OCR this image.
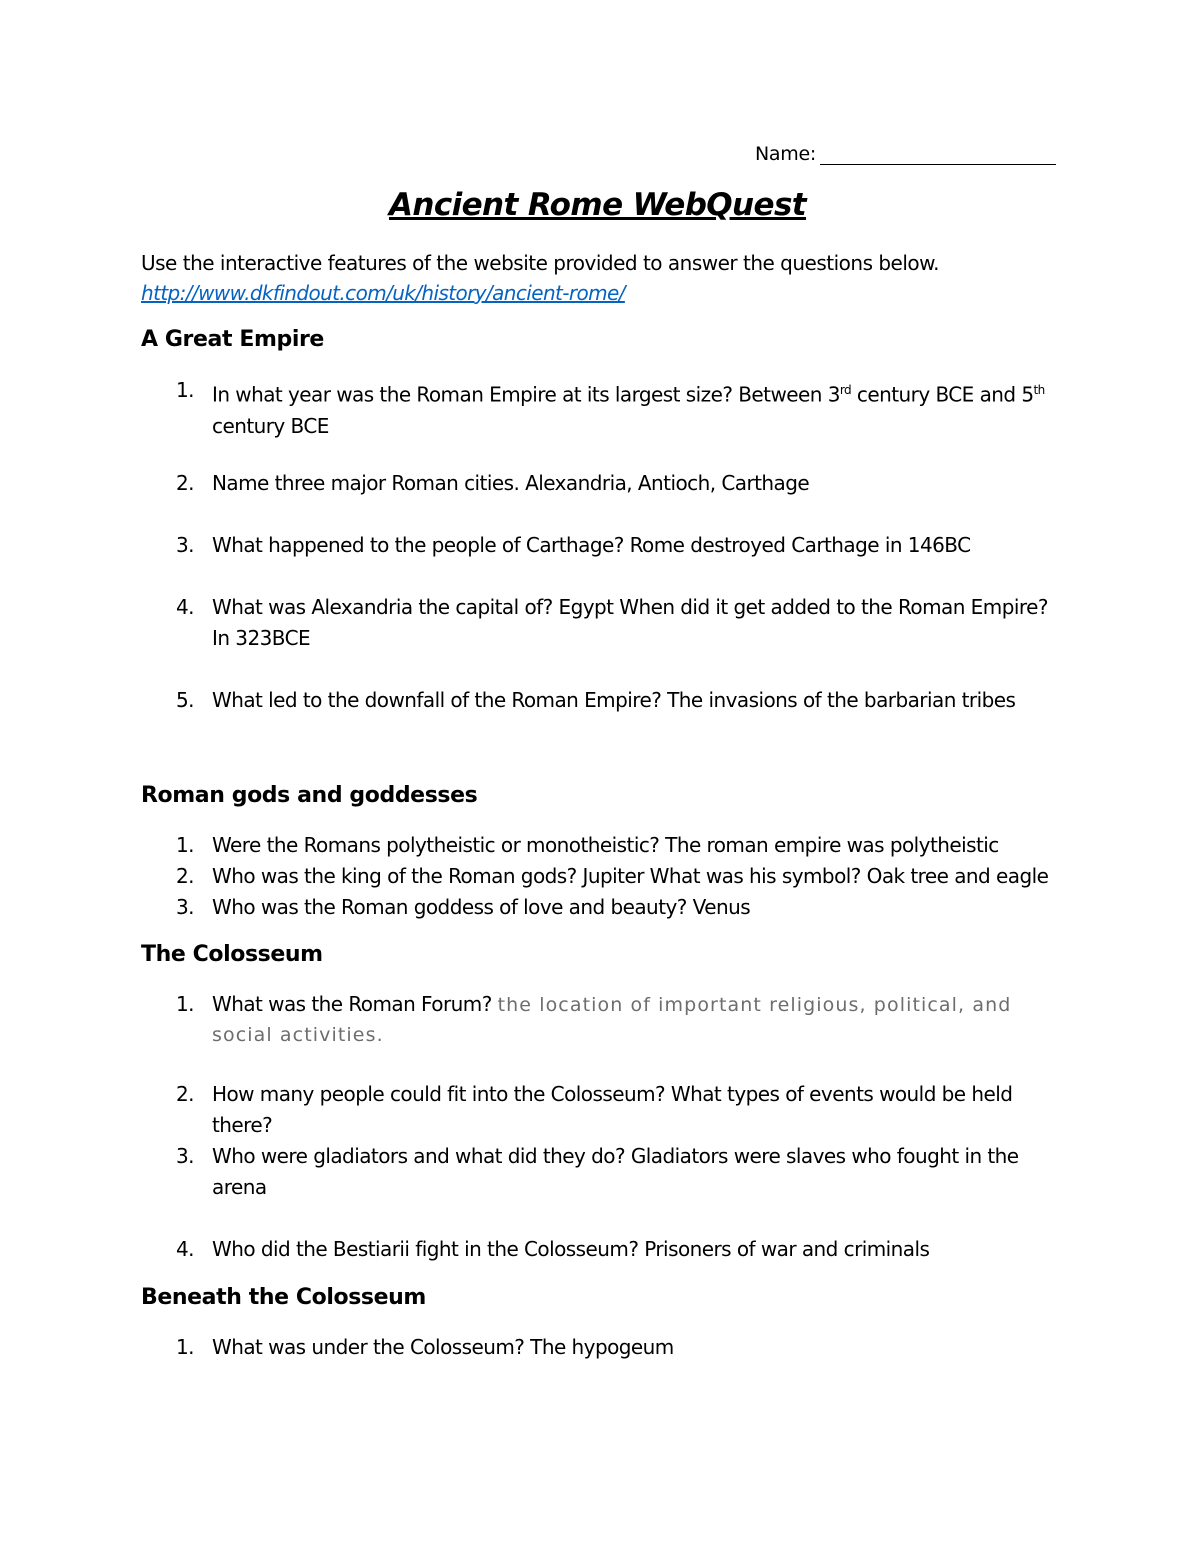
Name:
Ancient Rome WebQuest
Use the interactive features of the website provided to answer the questions below.
http://www.dkfindout.com/uk/history/ancient-rome/
A Great Empire
1. In what year was the Roman Empire at its largest size? Between 3rd century BCE and 5th century BCE
2. Name three major Roman cities. Alexandria, Antioch, Carthage
3. What happened to the people of Carthage? Rome destroyed Carthage in 146BC
4. What was Alexandria the capital of? Egypt When did it get added to the Roman Empire? In 323BCE
5. What led to the downfall of the Roman Empire? The invasions of the barbarian tribes
Roman gods and goddesses
1. Were the Romans polytheistic or monotheistic? The roman empire was polytheistic
2. Who was the king of the Roman gods? Jupiter What was his symbol? Oak tree and eagle
3. Who was the Roman goddess of love and beauty? Venus
The Colosseum
1. What was the Roman Forum? the location of important religious, political, and social activities.
2. How many people could fit into the Colosseum? What types of events would be held there?
3. Who were gladiators and what did they do? Gladiators were slaves who fought in the arena
4. Who did the Bestiarii fight in the Colosseum? Prisoners of war and criminals
Beneath the Colosseum
1. What was under the Colosseum? The hypogeum
